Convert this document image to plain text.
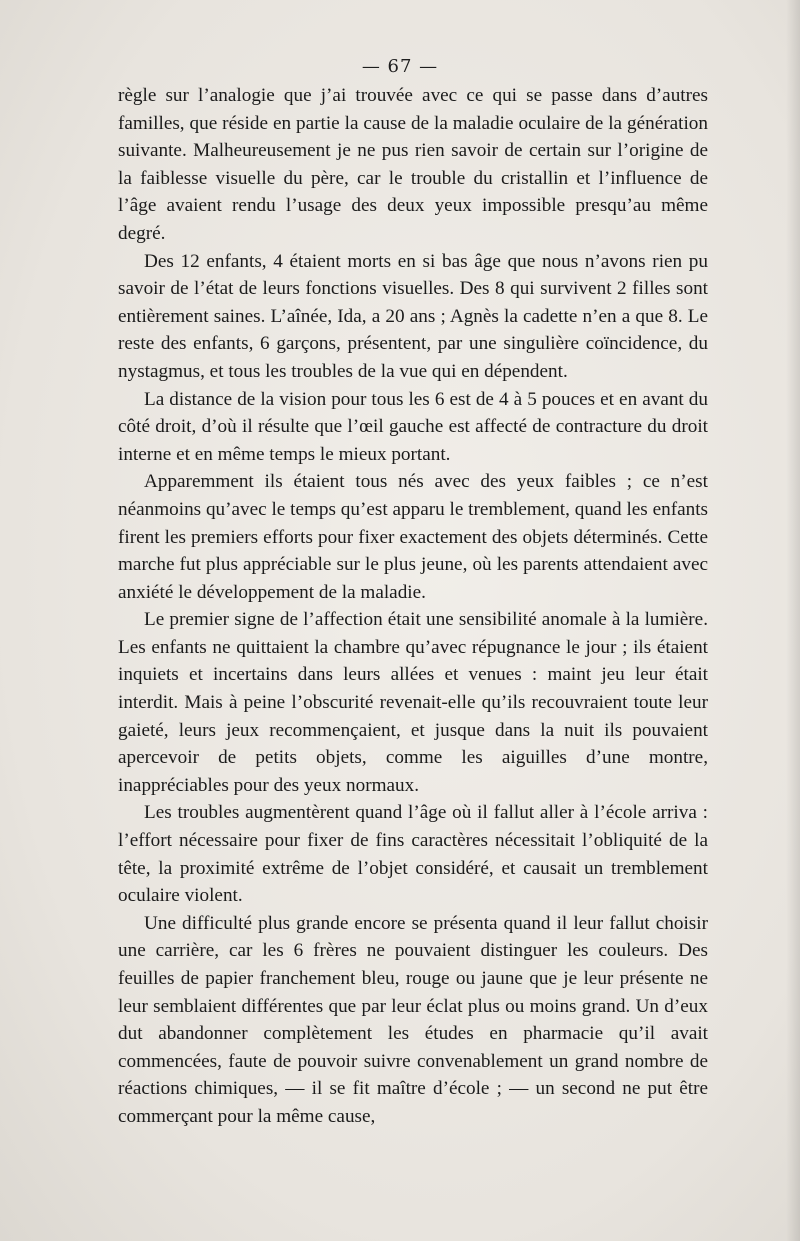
— 67 —

règle sur l’analogie que j’ai trouvée avec ce qui se passe dans d’autres familles, que réside en partie la cause de la maladie oculaire de la génération suivante. Malheureusement je ne pus rien savoir de certain sur l’origine de la faiblesse visuelle du père, car le trouble du cristallin et l’influence de l’âge avaient rendu l’usage des deux yeux impossible presqu’au même degré.

Des 12 enfants, 4 étaient morts en si bas âge que nous n’avons rien pu savoir de l’état de leurs fonctions visuelles. Des 8 qui survivent 2 filles sont entièrement saines. L’aînée, Ida, a 20 ans ; Agnès la cadette n’en a que 8. Le reste des enfants, 6 garçons, présentent, par une singulière coïncidence, du nystagmus, et tous les troubles de la vue qui en dépendent.

La distance de la vision pour tous les 6 est de 4 à 5 pouces et en avant du côté droit, d’où il résulte que l’œil gauche est affecté de contracture du droit interne et en même temps le mieux portant.

Apparemment ils étaient tous nés avec des yeux faibles ; ce n’est néanmoins qu’avec le temps qu’est apparu le tremblement, quand les enfants firent les premiers efforts pour fixer exactement des objets déterminés. Cette marche fut plus appréciable sur le plus jeune, où les parents attendaient avec anxiété le développement de la maladie.

Le premier signe de l’affection était une sensibilité anomale à la lumière. Les enfants ne quittaient la chambre qu’avec répugnance le jour ; ils étaient inquiets et incertains dans leurs allées et venues : maint jeu leur était interdit. Mais à peine l’obscurité revenait-elle qu’ils recouvraient toute leur gaieté, leurs jeux recommençaient, et jusque dans la nuit ils pouvaient apercevoir de petits objets, comme les aiguilles d’une montre, inappréciables pour des yeux normaux.

Les troubles augmentèrent quand l’âge où il fallut aller à l’école arriva : l’effort nécessaire pour fixer de fins caractères nécessitait l’obliquité de la tête, la proximité extrême de l’objet considéré, et causait un tremblement oculaire violent.

Une difficulté plus grande encore se présenta quand il leur fallut choisir une carrière, car les 6 frères ne pouvaient distinguer les couleurs. Des feuilles de papier franchement bleu, rouge ou jaune que je leur présente ne leur semblaient différentes que par leur éclat plus ou moins grand. Un d’eux dut abandonner complètement les études en pharmacie qu’il avait commencées, faute de pouvoir suivre convenablement un grand nombre de réactions chimiques, — il se fit maître d’école ; — un second ne put être commerçant pour la même cause,
